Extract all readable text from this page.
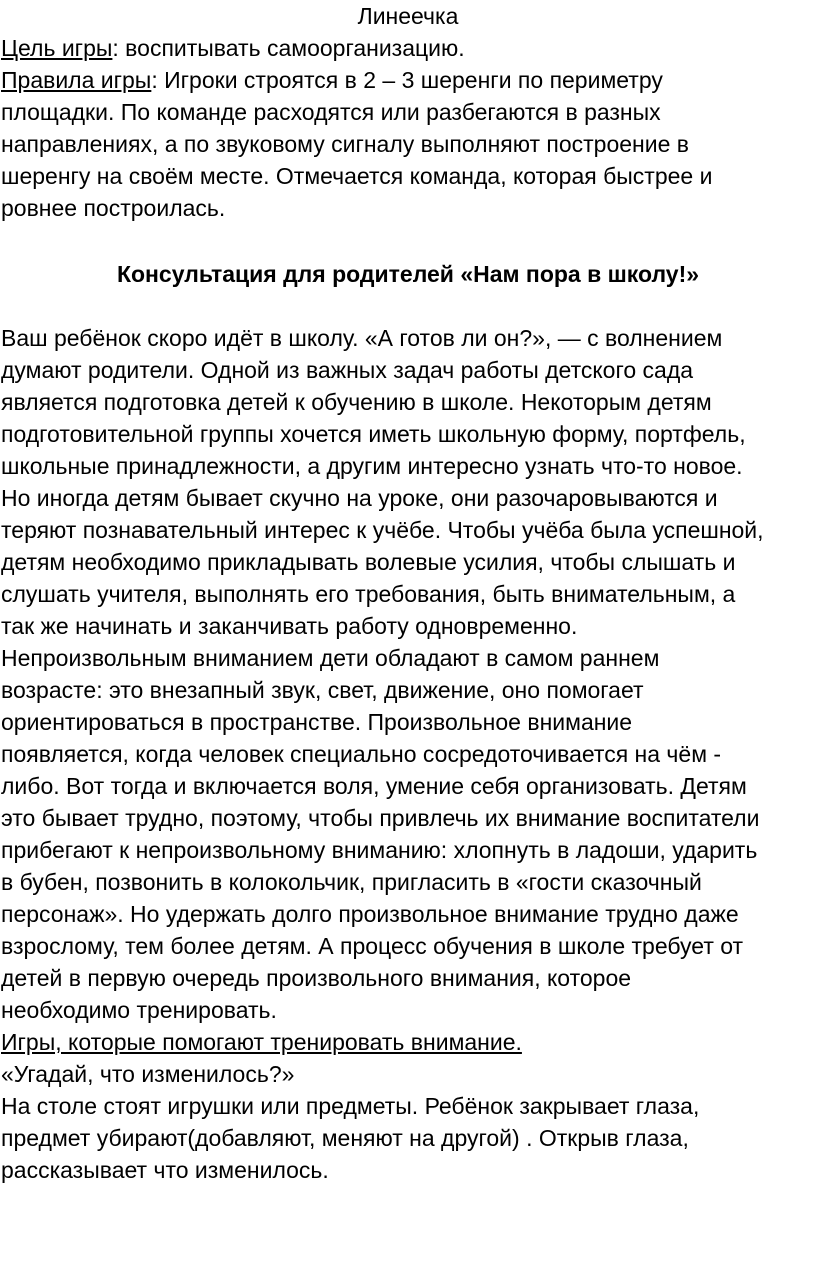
Линеечка
Цель игры: воспитывать самоорганизацию.
Правила игры: Игроки строятся в 2 – 3 шеренги по периметру
площадки. По команде расходятся или разбегаются в разных
направлениях, а по звуковому сигналу выполняют построение в
шеренгу на своём месте. Отмечается команда, которая быстрее и
ровнее построилась.
Консультация для родителей «Нам пора в школу!»
Ваш ребёнок скоро идёт в школу. «А готов ли он?», — с волнением
думают родители. Одной из важных задач работы детского сада
является подготовка детей к обучению в школе. Некоторым детям
подготовительной группы хочется иметь школьную форму, портфель,
школьные принадлежности, а другим интересно узнать что-то новое.
Но иногда детям бывает скучно на уроке, они разочаровываются и
теряют познавательный интерес к учёбе. Чтобы учёба была успешной,
детям необходимо прикладывать волевые усилия, чтобы слышать и
слушать учителя, выполнять его требования, быть внимательным, а
так же начинать и заканчивать работу одновременно.
Непроизвольным вниманием дети обладают в самом раннем
возрасте: это внезапный звук, свет, движение, оно помогает
ориентироваться в пространстве. Произвольное внимание
появляется, когда человек специально сосредоточивается на чём -
либо. Вот тогда и включается воля, умение себя организовать. Детям
это бывает трудно, поэтому, чтобы привлечь их внимание воспитатели
прибегают к непроизвольному вниманию: хлопнуть в ладоши, ударить
в бубен, позвонить в колокольчик, пригласить в «гости сказочный
персонаж». Но удержать долго произвольное внимание трудно даже
взрослому, тем более детям. А процесс обучения в школе требует от
детей в первую очередь произвольного внимания, которое
необходимо тренировать.
Игры, которые помогают тренировать внимание.
«Угадай, что изменилось?»
На столе стоят игрушки или предметы. Ребёнок закрывает глаза,
предмет убирают(добавляют, меняют на другой) . Открыв глаза,
рассказывает что изменилось.
